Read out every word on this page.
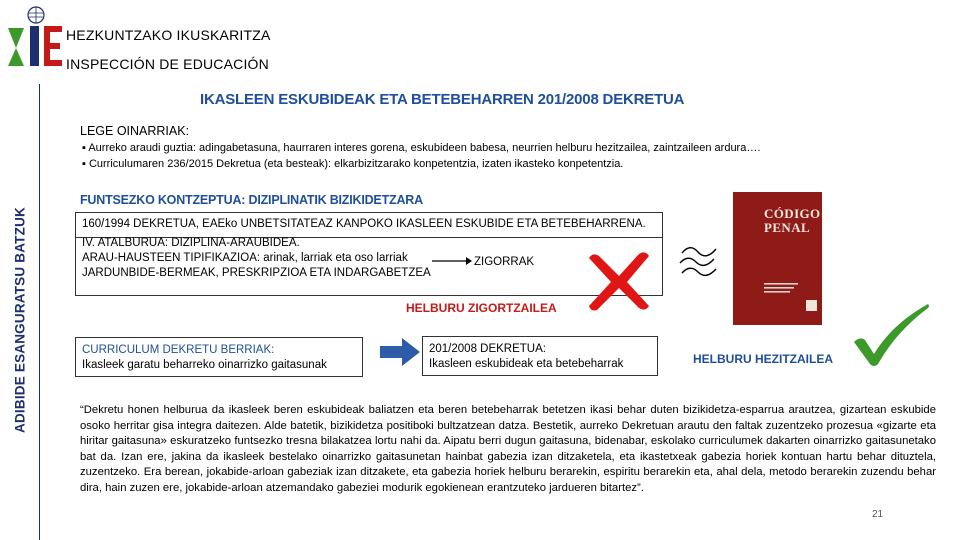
HEZKUNTZAKO IKUSKARITZA
INSPECCIÓN DE EDUCACIÓN
ADIBIDE ESANGURATSU BATZUK
IKASLEEN ESKUBIDEAK ETA BETEBEHARREN 201/2008 DEKRETUA
LEGE OINARRIAK:
▪ Aurreko araudi guztia: adingabetasuna, haurraren interes gorena, eskubideen babesa, neurrien helburu hezitzailea, zaintzaileen ardura….
▪ Curriculumaren 236/2015 Dekretua (eta besteak): elkarbizitzarako konpetentzia, izaten ikasteko konpetentzia.
FUNTSEZKO KONTZEPTUA: DIZIPLINATIK BIZIKIDETZARA
160/1994 DEKRETUA, EAEko UNBETSITATEAZ KANPOKO IKASLEEN ESKUBIDE ETA BETEBEHARRENA.
IV. ATALBURUA: DIZIPLINA-ARAUBIDEA.
ARAU-HAUSTEEN TIPIFIKAZIOA: arinak, larriak eta oso larriak
JARDUNBIDE-BERMEAK, PRESKRIPZIOA ETA INDARGABETZEA
ZIGORRAK
CÓDIGO
PENAL
HELBURU ZIGORTZAILEA
CURRICULUM DEKRETU BERRIAK:
Ikasleek garatu beharreko oinarrizko gaitasunak
201/2008 DEKRETUA:
Ikasleen eskubideak eta betebeharrak	HELBURU HEZITZAILEA
“Dekretu honen helburua da ikasleek beren eskubideak baliatzen eta beren betebeharrak betetzen ikasi behar duten bizikidetza-esparrua arautzea, gizartean eskubide osoko herritar gisa integra daitezen. Alde batetik, bizikidetza positiboki bultzatzean datza. Bestetik, aurreko Dekretuan arautu den faltak zuzentzeko prozesua «gizarte eta hiritar gaitasuna» eskuratzeko funtsezko tresna bilakatzea lortu nahi da. Aipatu berri dugun gaitasuna, bidenabar, eskolako curriculumek dakarten oinarrizko gaitasunetako bat da. Izan ere, jakina da ikasleek bestelako oinarrizko gaitasunetan hainbat gabezia izan ditzaketela, eta ikastetxeak gabezia horiek kontuan hartu behar dituztela, zuzentzeko. Era berean, jokabide-arloan gabeziak izan ditzakete, eta gabezia horiek helburu berarekin, espiritu berarekin eta, ahal dela, metodo berarekin zuzendu behar dira, hain zuzen ere, jokabide-arloan atzemandako gabeziei modurik egokienean erantzuteko jardueren bitartez”.
21
